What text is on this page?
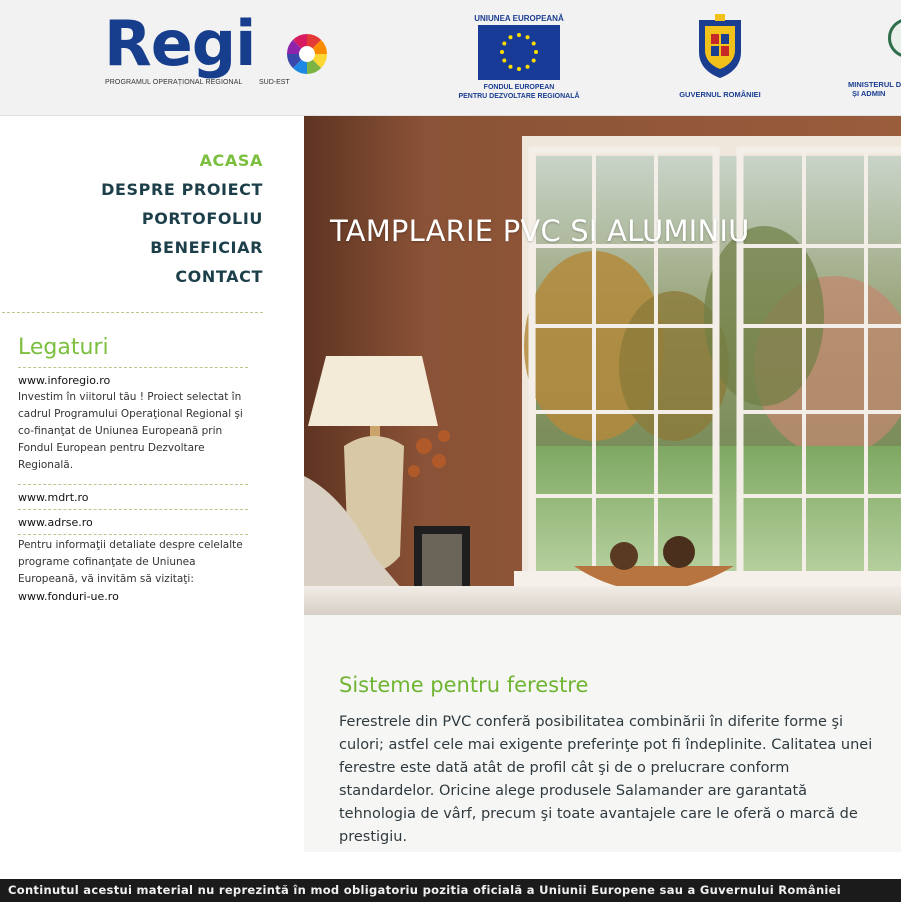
Regi
PROGRAMUL OPERAȚIONAL REGIONAL SUD-EST
UNIUNEA EUROPEANĂ
FONDUL EUROPEAN
PENTRU DEZVOLTARE REGIONALĂ	GUVERNUL ROMÂNIEI
MINISTERUL D
ȘI ADMIN
ACASA
DESPRE PROIECT
PORTOFOLIU
BENEFICIAR
CONTACT
Legaturi
www.inforegio.ro
Investim în viitorul tău ! Proiect selectat în cadrul Programului Operaţional Regional şi co-finanţat de Uniunea Europeană prin Fondul European pentru Dezvoltare Regională.
www.mdrt.ro
www.adrse.ro
Pentru informaţii detaliate despre celelalte programe cofinanţate de Uniunea Europeană, vă invităm să vizitaţi:
www.fonduri-ue.ro
TAMPLARIE PVC SI ALUMINIU
Sisteme pentru ferestre
Ferestrele din PVC conferă posibilitatea combinării în diferite forme şi culori; astfel cele mai exigente preferinţe pot fi îndeplinite. Calitatea unei ferestre este dată atât de profil cât şi de o prelucrare conform standardelor. Oricine alege produsele Salamander are garantată tehnologia de vârf, precum şi toate avantajele care le oferă o marcă de prestigiu.
Continutul acestui material nu reprezintă în mod obligatoriu pozitia oficială a Uniunii Europene sau a Guvernului României
